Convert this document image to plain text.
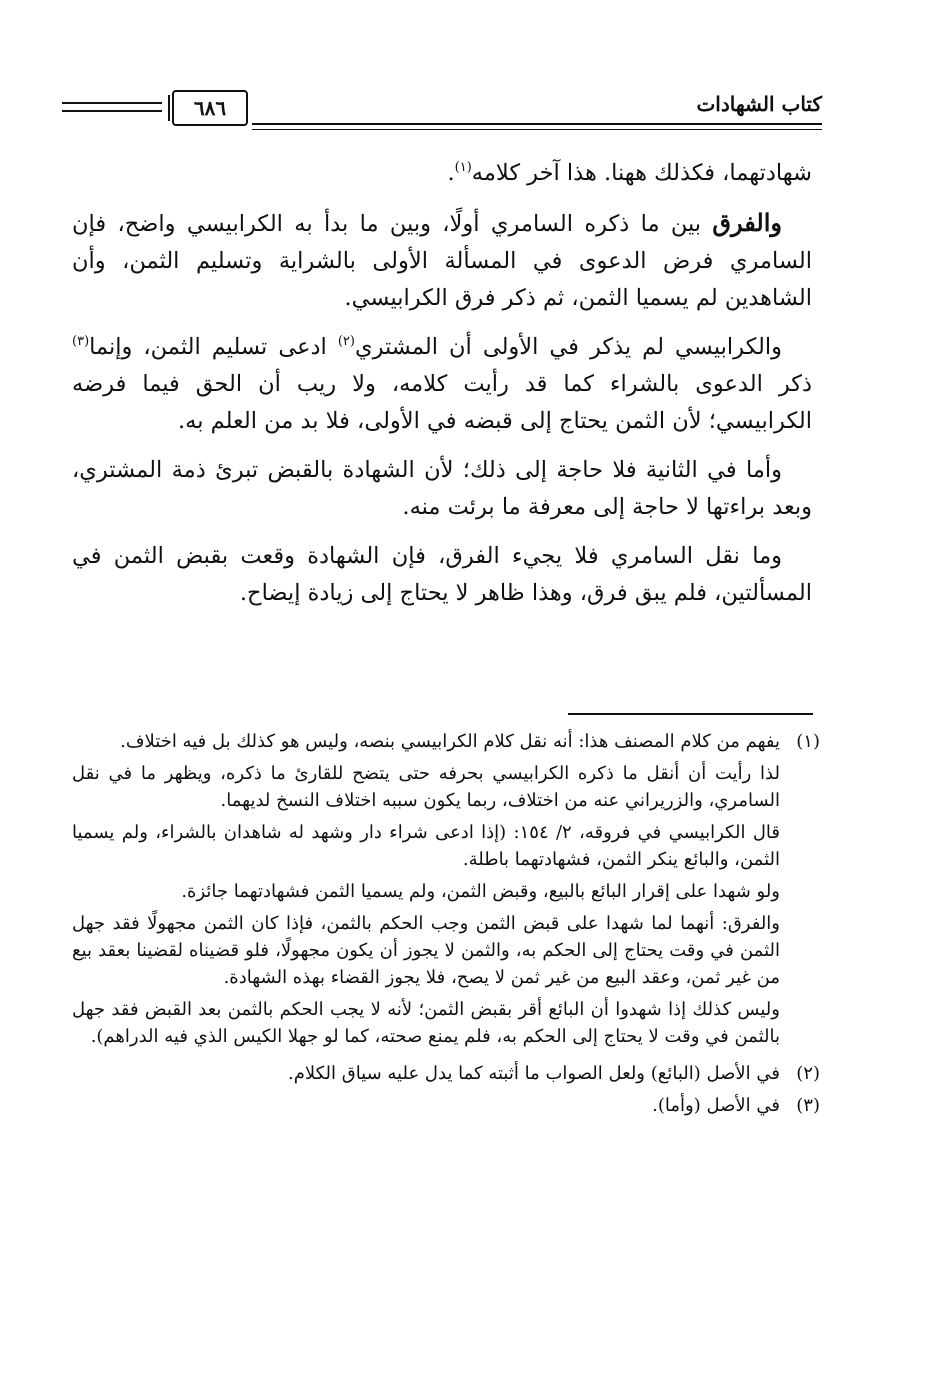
٦٨٦	كتاب الشهادات

شهادتهما، فكذلك ههنا. هذا آخر كلامه$^{(١)}$.

والفرق بين ما ذكره السامري أولًا، وبين ما بدأ به الكرابيسي واضح، فإن السامري فرض الدعوى في المسألة الأولى بالشراية وتسليم الثمن، وأن الشاهدين لم يسميا الثمن، ثم ذكر فرق الكرابيسي.

والكرابيسي لم يذكر في الأولى أن المشتري$^{(٢)}$ ادعى تسليم الثمن، وإنما$^{(٣)}$ ذكر الدعوى بالشراء كما قد رأيت كلامه، ولا ريب أن الحق فيما فرضه الكرابيسي؛ لأن الثمن يحتاج إلى قبضه في الأولى، فلا بد من العلم به.

وأما في الثانية فلا حاجة إلى ذلك؛ لأن الشهادة بالقبض تبرئ ذمة المشتري، وبعد براءتها لا حاجة إلى معرفة ما برئت منه.

وما نقل السامري فلا يجيء الفرق، فإن الشهادة وقعت بقبض الثمن في المسألتين، فلم يبق فرق، وهذا ظاهر لا يحتاج إلى زيادة إيضاح.

(١)

يفهم من كلام المصنف هذا: أنه نقل كلام الكرابيسي بنصه، وليس هو كذلك بل فيه اختلاف.

لذا رأيت أن أنقل ما ذكره الكرابيسي بحرفه حتى يتضح للقارئ ما ذكره، ويظهر ما في نقل السامري، والزريراني عنه من اختلاف، ربما يكون سببه اختلاف النسخ لديهما.

قال الكرابيسي في فروقه، ٢/ ١٥٤: (إذا ادعى شراء دار وشهد له شاهدان بالشراء، ولم يسميا الثمن، والبائع ينكر الثمن، فشهادتهما باطلة.

ولو شهدا على إقرار البائع بالبيع، وقبض الثمن، ولم يسميا الثمن فشهادتهما جائزة.

والفرق: أنهما لما شهدا على قبض الثمن وجب الحكم بالثمن، فإذا كان الثمن مجهولًا فقد جهل الثمن في وقت يحتاج إلى الحكم به، والثمن لا يجوز أن يكون مجهولًا، فلو قضيناه لقضينا بعقد بيع من غير ثمن، وعقد البيع من غير ثمن لا يصح، فلا يجوز القضاء بهذه الشهادة.

وليس كذلك إذا شهدوا أن البائع أقر بقبض الثمن؛ لأنه لا يجب الحكم بالثمن بعد القبض فقد جهل بالثمن في وقت لا يحتاج إلى الحكم به، فلم يمنع صحته، كما لو جهلا الكيس الذي فيه الدراهم).

(٢)
في الأصل (البائع) ولعل الصواب ما أثبته كما يدل عليه سياق الكلام.
(٣)
في الأصل (وأما).
